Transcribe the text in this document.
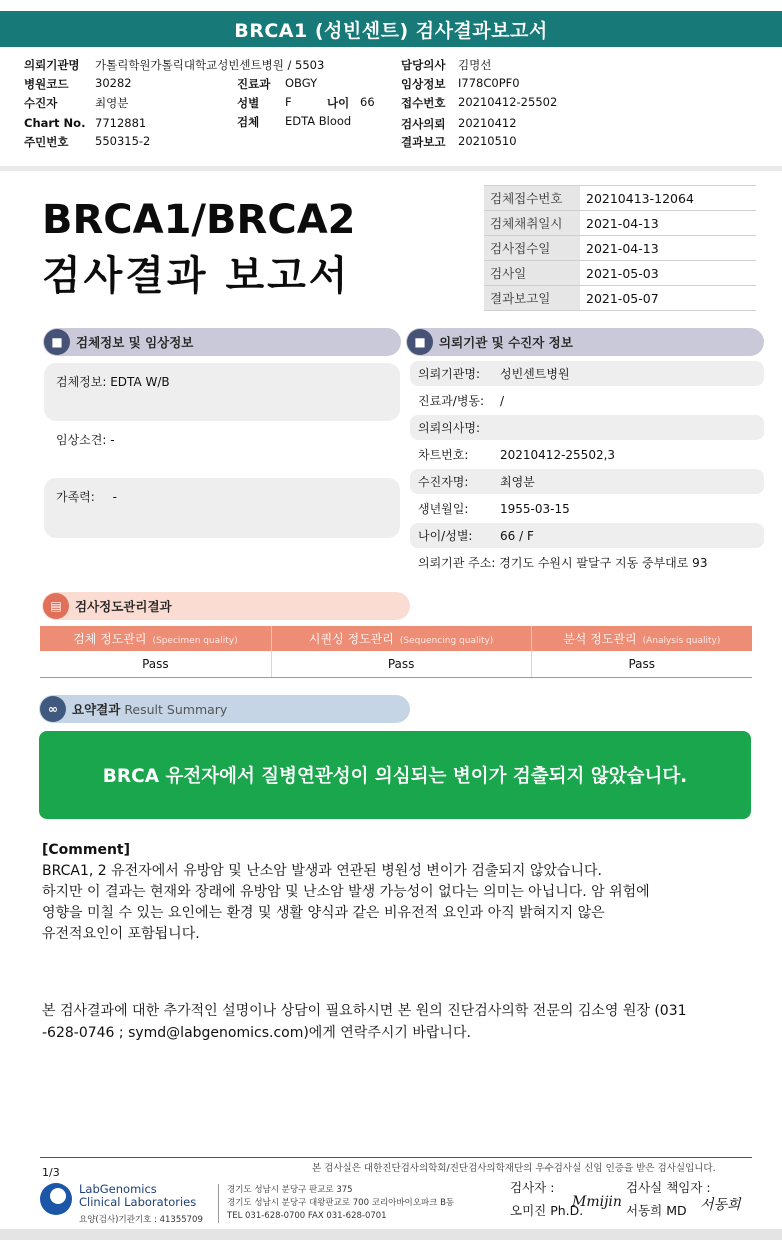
BRCA1 (성빈센트) 검사결과보고서
의뢰기관명 가톨릭학원가톨릭대학교성빈센트병원 / 5503
병원코드 30282
수진자	최영분
Chart No. 7712881
주민번호 550315-2
진료과 OBGY
성별 F	나이 66
검체 EDTA Blood
담당의사 김명선
임상정보 I778C0PF0
접수번호 20210412-25502
검사의뢰 20210412
결과보고 20210510
BRCA1/BRCA2
검사결과 보고서
검체접수번호	20210413-12064
검체채취일시	2021-04-13
검사접수일	2021-04-13
검사일	2021-05-03
결과보고일	2021-05-07
■	검체정보 및 임상정보
검체정보: EDTA W/B
임상소견: -
가족력: -
■	의뢰기관 및 수진자 정보
의뢰기관명:	성빈센트병원
진료과/병동:	/
의뢰의사명:
차트번호:	20210412-25502,3
수진자명:	최영분
생년월일:	1955-03-15
나이/성별:	66 / F
의뢰기관 주소: 경기도 수원시 팔달구 지동 중부대로 93
▤	검사정도관리결과
검체 정도관리 (Specimen quality)	시퀀싱 정도관리 (Sequencing quality)	분석 정도관리 (Analysis quality)
Pass	Pass	Pass
∞	요약결과 Result Summary
BRCA 유전자에서 질병연관성이 의심되는 변이가 검출되지 않았습니다.
[Comment]
BRCA1, 2 유전자에서 유방암 및 난소암 발생과 연관된 병원성 변이가 검출되지 않았습니다.
하지만 이 결과는 현재와 장래에 유방암 및 난소암 발생 가능성이 없다는 의미는 아닙니다. 암 위험에
영향을 미칠 수 있는 요인에는 환경 및 생활 양식과 같은 비유전적 요인과 아직 밝혀지지 않은
유전적요인이 포함됩니다.
본 검사결과에 대한 추가적인 설명이나 상담이 필요하시면 본 원의 진단검사의학 전문의 김소영 원장 (031
-628-0746 ; symd@labgenomics.com)에게 연락주시기 바랍니다.
본 검사실은 대한진단검사의학회/진단검사의학재단의 우수검사실 신임 인증을 받은 검사실입니다.
1/3
LabGenomics
Clinical Laboratories
요양(검사)기관기호 : 41355709
경기도 성남시 분당구 판교로 375
경기도 성남시 분당구 대왕판교로 700 코리아바이오파크 B동
TEL 031-628-0700 FAX 031-628-0701
검사자 :
오미진 Ph.D.
Mmijin
검사실 책임자 :
서동희 MD 서동희
